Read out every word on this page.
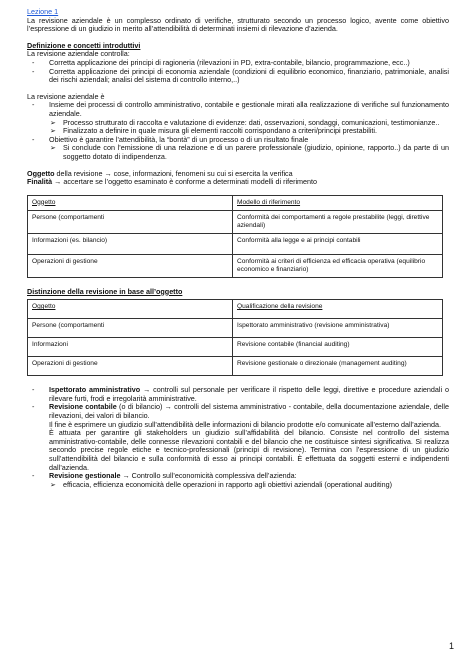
Lezione 1

La revisione aziendale è un complesso ordinato di verifiche, strutturato secondo un processo logico, avente come obiettivo l’espressione di un giudizio in merito all’attendibilità di determinati insiemi di rilevazione d’azienda.

Definizione e concetti introduttivi

La revisione aziendale controlla:

- Corretta applicazione dei principi di ragioneria (rilevazioni in PD, extra-contabile, bilancio, programmazione, ecc..)
- Corretta applicazione dei principi di economia aziendale (condizioni di equilibrio economico, finanziario, patrimoniale, analisi dei rischi aziendali; analisi del sistema di controllo interno,..)

La revisione aziendale è

- Insieme dei processi di controllo amministrativo, contabile e gestionale mirati alla realizzazione di verifiche sul funzionamento aziendale.
➢ Processo strutturato di raccolta e valutazione di evidenze: dati, osservazioni, sondaggi, comunicazioni, testimonianze..
➢ Finalizzato a definire in quale misura gli elementi raccolti corrispondano a criteri/principi prestabiliti.
- Obiettivo è garantire l’attendibilità, la “bontà” di un processo o di un risultato finale
➢ Si conclude con l’emissione di una relazione e di un parere professionale (giudizio, opinione, rapporto..) da parte di un soggetto dotato di indipendenza.

Oggetto della revisione → cose, informazioni, fenomeni su cui si esercita la verifica

Finalità → accertare se l’oggetto esaminato è conforme a determinati modelli di riferimento

Oggetto	Modello di riferimento
Persone (comportamenti	Conformità dei comportamenti a regole prestabilite (leggi, direttive aziendali)
Informazioni (es. bilancio)	Conformità alla legge e ai principi contabili
Operazioni di gestione	Conformità ai criteri di efficienza ed efficacia operativa (equilibrio economico e finanziario)

Distinzione della revisione in base all’oggetto

Oggetto	Qualificazione della revisione
Persone (comportamenti	Ispettorato amministrativo (revisione amministrativa)
Informazioni	Revisione contabile (financial auditing)
Operazioni di gestione	Revisione gestionale o direzionale (management auditing)
- Ispettorato amministrativo → controlli sul personale per verificare il rispetto delle leggi, direttive e procedure aziendali o rilevare furti, frodi e irregolarità amministrative.
- Revisione contabile (o di bilancio) → controlli del sistema amministrativo - contabile, della documentazione aziendale, delle rilevazioni, dei valori di bilancio.

Il fine è esprimere un giudizio sull’attendibilità delle informazioni di bilancio prodotte e/o comunicate all’esterno dall’azienda.

È attuata per garantire gli stakeholders un giudizio sull’affidabilità del bilancio. Consiste nel controllo del sistema amministrativo-contabile, delle connesse rilevazioni contabili e del bilancio che ne costituisce sintesi significativa. Si realizza secondo precise regole etiche e tecnico-professionali (principi di revisione). Termina con l’espressione di un giudizio sull’attendibilità del bilancio e sulla conformità di esso ai principi contabili. È effettuata da soggetti esterni e indipendenti dall’azienda.

- Revisione gestionale → Controllo sull’economicità complessiva dell’azienda:
➢ efficacia, efficienza economicità delle operazioni in rapporto agli obiettivi aziendali (operational auditing)
1
